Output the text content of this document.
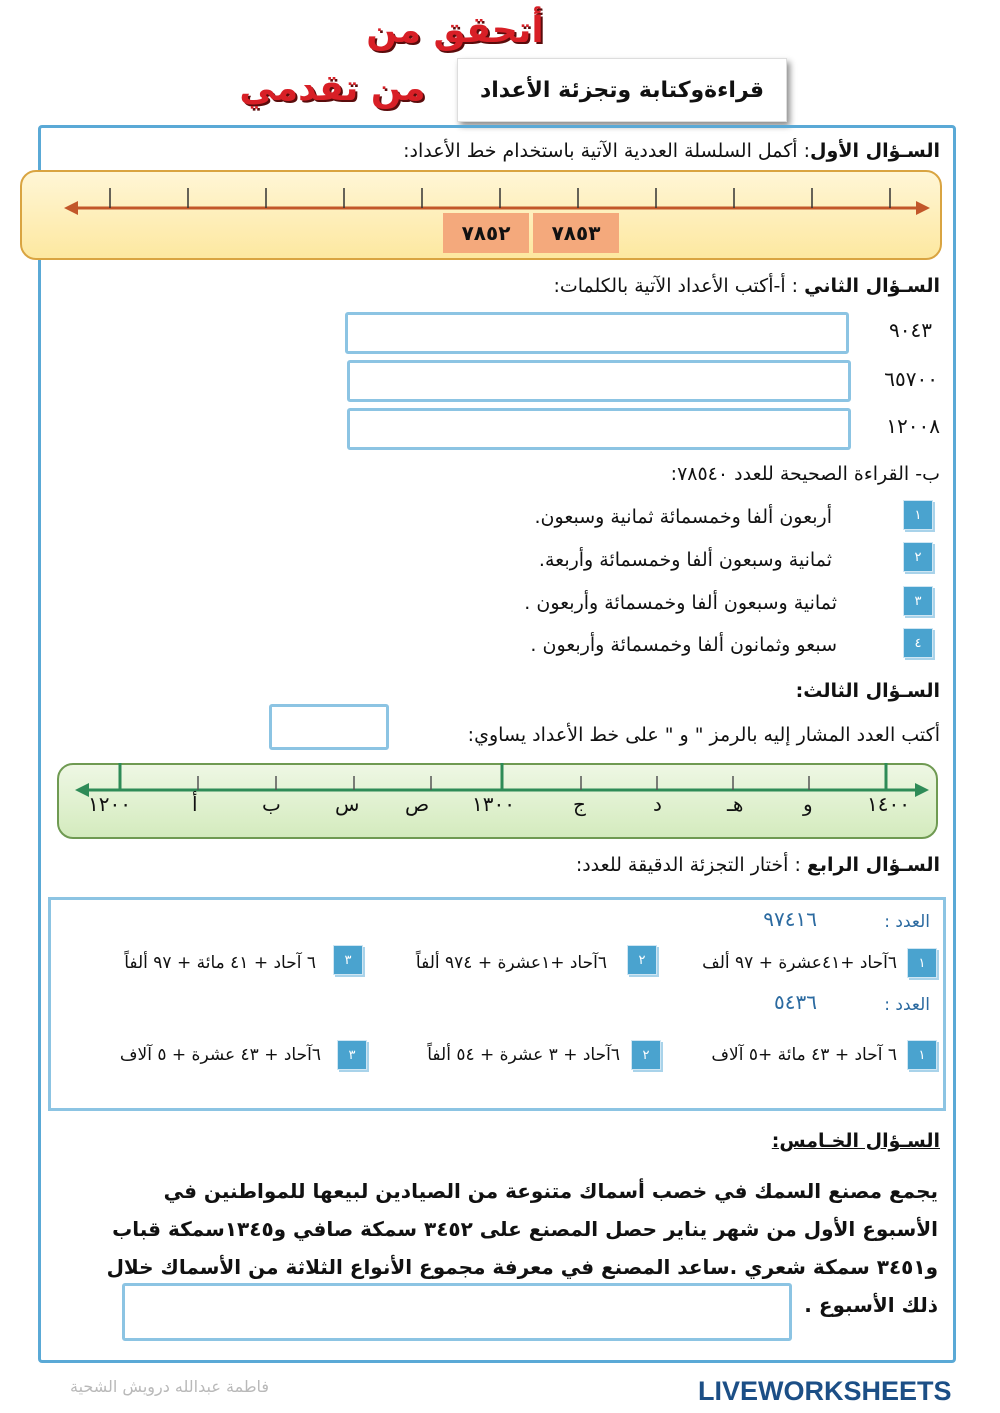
أتحقق من
من تقدمي	قراءةوكتابة وتجزئة الأعداد
السـؤال الأول: أكمل السلسلة العددية الآتية باستخدام خط الأعداد:
٧٨٥٢	٧٨٥٣
السـؤال الثاني : أ-أكتب الأعداد الآتية بالكلمات:
٩٠٤٣
٦٥٧٠٠
١٢٠٠٨
ب- القراءة الصحيحة للعدد ٧٨٥٤٠:
١
أربعون ألفا وخمسمائة ثمانية وسبعون.
٢
ثمانية وسبعون ألفا وخمسمائة وأربعة.
٣
ثمانية وسبعون ألفا وخمسمائة وأربعون .
٤
سبعو وثمانون ألفا وخمسمائة وأربعون .
السـؤال الثالث:
أكتب العدد المشار إليه بالرمز " و " على خط الأعداد يساوي:
١٤٠٠
و
هـ
د
ج
١٣٠٠
ص
س
ب
أ
١٢٠٠
السـؤال الرابع : أختار التجزئة الدقيقة للعدد:
العدد :
٩٧٤١٦
١
٦آحاد +٤١عشرة + ٩٧ ألف
٢
٦آحاد +١عشرة + ٩٧٤ ألفاً
٣
٦ آحاد + ٤١ مائة + ٩٧ ألفاً
العدد :
٥٤٣٦
١
٦ آحاد + ٤٣ مائة +٥ آلاف
٢
٦آحاد + ٣ عشرة + ٥٤ ألفاً
٣
٦آحاد + ٤٣ عشرة + ٥ آلاف
السـؤال الخـامس:
يجمع مصنع السمك في خصب أسماك متنوعة من الصيادين لبيعها للمواطنين في
الأسبوع الأول من شهر يناير حصل المصنع على ٣٤٥٢ سمكة صافي و١٣٤٥سمكة قباب
و٣٤٥١ سمكة شعري .ساعد المصنع في معرفة مجموع الأنواع الثلاثة من الأسماك خلال
ذلك الأسبوع .
فاطمة عبدالله درويش الشحية	LIVEWORKSHEETS
